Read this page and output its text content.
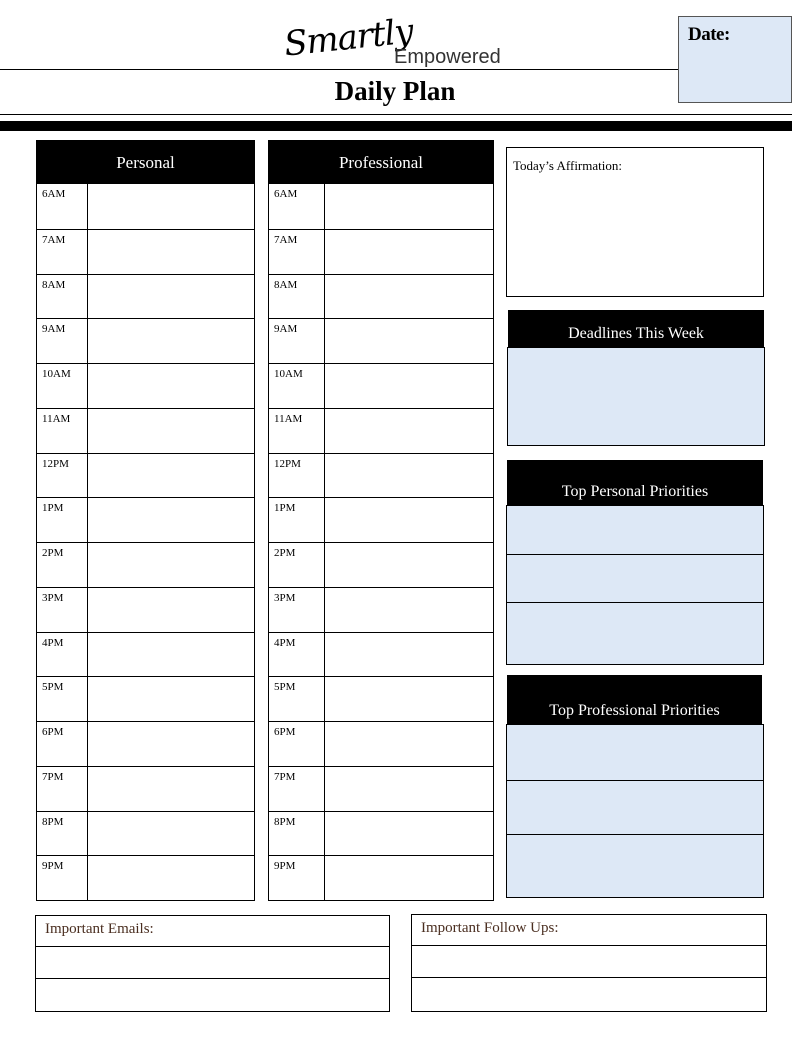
Smartly
Empowered
Daily Plan
Date:
Personal
6AM
7AM
8AM
9AM
10AM
11AM
12PM
1PM
2PM
3PM
4PM
5PM
6PM
7PM
8PM
9PM
Professional
6AM
7AM
8AM
9AM
10AM
11AM
12PM
1PM
2PM
3PM
4PM
5PM
6PM
7PM
8PM
9PM
Today’s Affirmation:
Deadlines This Week
Top Personal Priorities
Top Professional Priorities
Important Emails:	Important Follow Ups:
